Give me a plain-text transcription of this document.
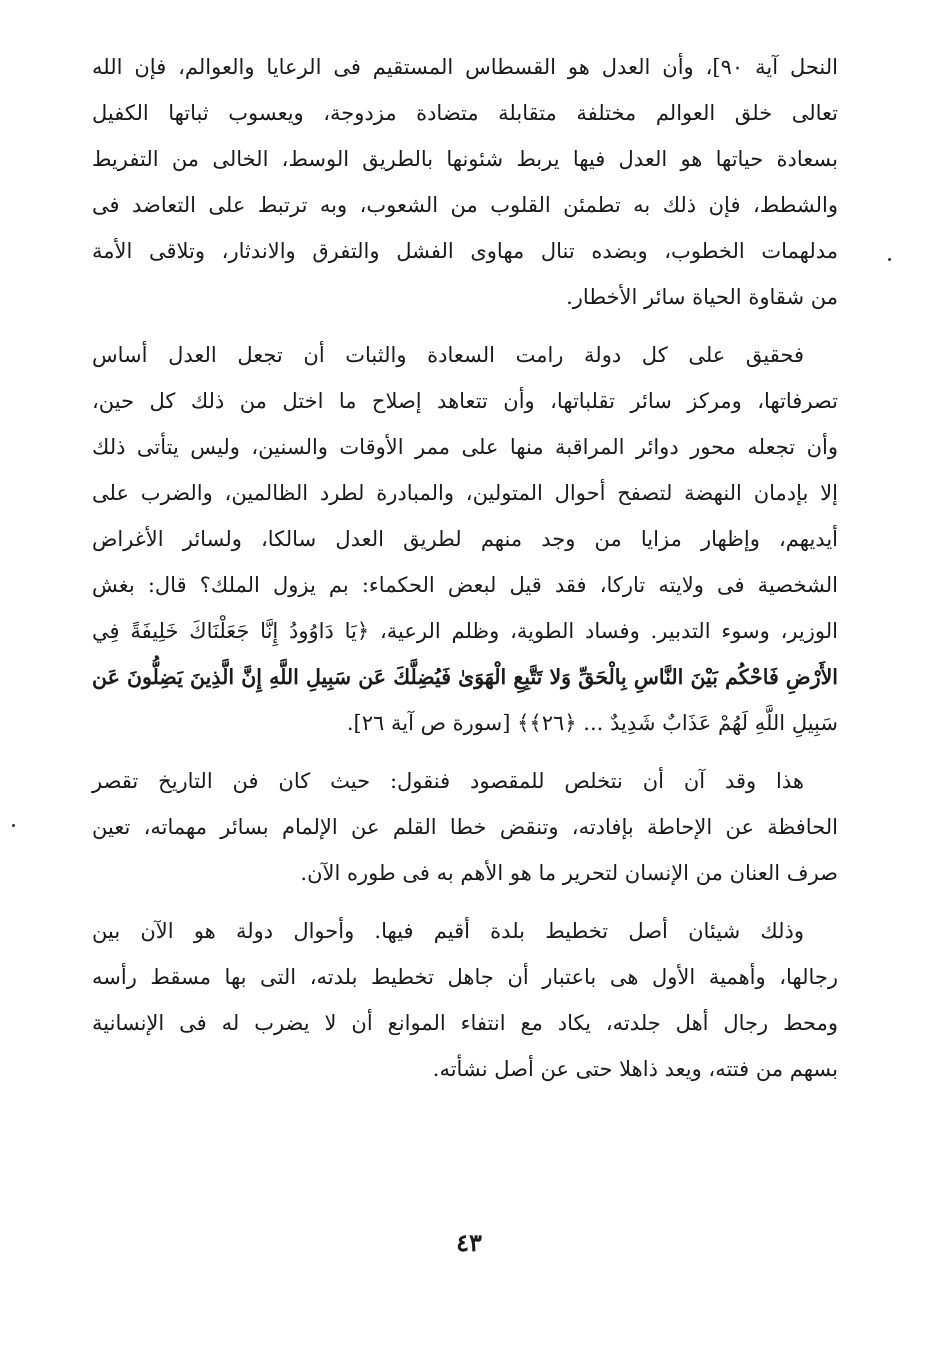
النحل آية ٩٠]، وأن العدل هو القسطاس المستقيم فى الرعايا والعوالم، فإن الله
تعالى خلق العوالم مختلفة متقابلة متضادة مزدوجة، ويعسوب ثباتها الكفيل
بسعادة حياتها هو العدل فيها يربط شئونها بالطريق الوسط، الخالى من التفريط
والشطط، فإن ذلك به تطمئن القلوب من الشعوب، وبه ترتبط على التعاضد فى
مدلهمات الخطوب، وبضده تنال مهاوى الفشل والتفرق والاندثار، وتلاقى الأمة
من شقاوة الحياة سائر الأخطار.
فحقيق على كل دولة رامت السعادة والثبات أن تجعل العدل أساس
تصرفاتها، ومركز سائر تقلباتها، وأن تتعاهد إصلاح ما اختل من ذلك كل حين،
وأن تجعله محور دوائر المراقبة منها على ممر الأوقات والسنين، وليس يتأتى ذلك
إلا بإدمان النهضة لتصفح أحوال المتولين، والمبادرة لطرد الظالمين، والضرب على
أيديهم، وإظهار مزايا من وجد منهم لطريق العدل سالكا، ولسائر الأغراض
الشخصية فى ولايته تاركا، فقد قيل لبعض الحكماء: بم يزول الملك؟ قال: بغش
الوزير، وسوء التدبير. وفساد الطوية، وظلم الرعية، ﴿يَا دَاوُودُ إِنَّا جَعَلْنَاكَ خَلِيفَةً فِي
الأَرْضِ فَاحْكُم بَيْنَ النَّاسِ بِالْحَقِّ وَلا تَتَّبِعِ الْهَوَىٰ فَيُضِلَّكَ عَن سَبِيلِ اللَّهِ إِنَّ الَّذِينَ يَضِلُّونَ عَن
سَبِيلِ اللَّهِ لَهُمْ عَذَابٌ شَدِيدٌ ... ﴿٢٦﴾﴾ [سورة ص آية ٢٦].
هذا وقد آن أن نتخلص للمقصود فنقول: حيث كان فن التاريخ تقصر
الحافظة عن الإحاطة بإفادته، وتنقض خطا القلم عن الإلمام بسائر مهماته، تعين
صرف العنان من الإنسان لتحرير ما هو الأهم به فى طوره الآن.
وذلك شيئان أصل تخطيط بلدة أقيم فيها. وأحوال دولة هو الآن بين
رجالها، وأهمية الأول هى باعتبار أن جاهل تخطيط بلدته، التى بها مسقط رأسه
ومحط رجال أهل جلدته، يكاد مع انتفاء الموانع أن لا يضرب له فى الإنسانية
بسهم من فتته، ويعد ذاهلا حتى عن أصل نشأته.
٤٣
